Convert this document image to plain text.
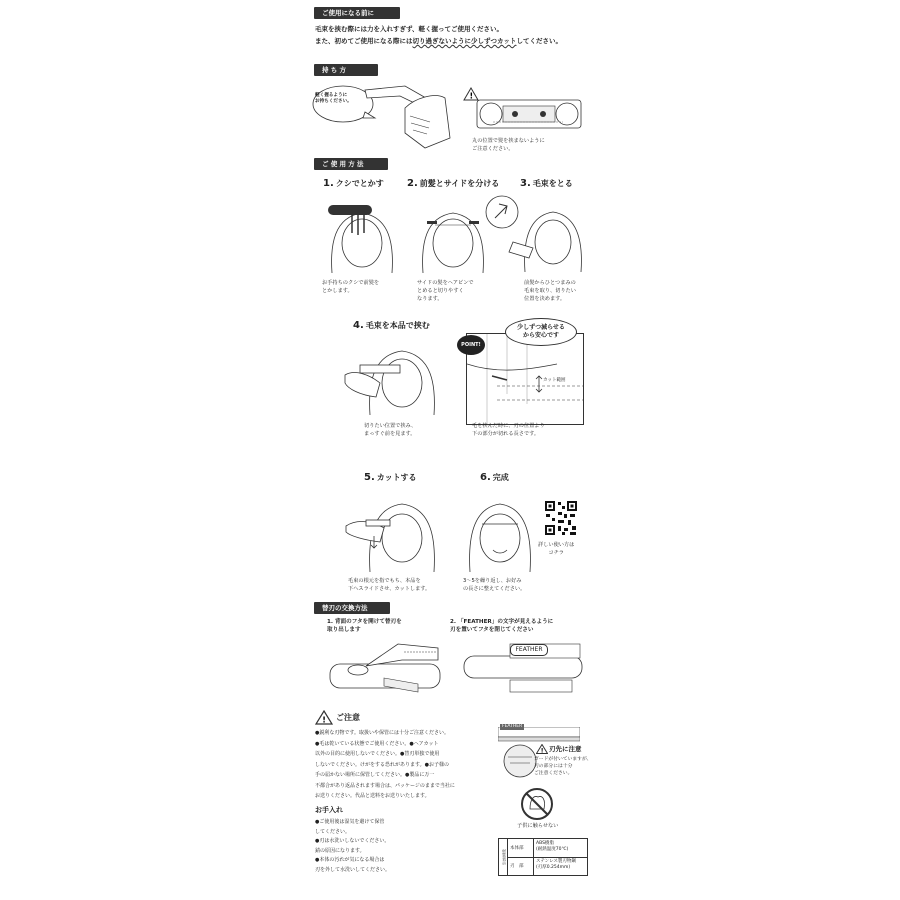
ご使用になる前に
毛束を挟む際には力を入れすぎず、軽く握ってご使用ください。
また、初めてご使用になる際には切り過ぎないように少しずつカットしてください。
持 ち 方
軽く握るように
お持ちください。
!
丸の位置で髪を挟まないように
ご注意ください。
ご 使 用 方 法
1. クシでとかす
お手持ちのクシで前髪を
とかします。
2. 前髪とサイドを分ける
サイドの髪をヘアピンで
とめると切りやすく
なります。
3. 毛束をとる
前髪からひとつまみの
毛束を取り、切りたい
位置を決めます。
4. 毛束を本品で挟む
切りたい位置で挟み、
まっすぐ前を見ます。
POINT!
少しずつ減らせる
から安心です
カット範囲
毛を挟んだ時に、刃の位置より
下の部分が切れる長さです。
5. カットする
毛束の根元を指でもち、本品を
下へスライドさせ、カットします。
6. 完成
3〜5を繰り返し、お好み
の長さに整えてください。
詳しい使い方は
コチラ
替刃の交換方法
1. 背面のフタを開けて替刃を
取り出します
2. 「FEATHER」の文字が見えるように
刃を置いてフタを閉じてください
FEATHER
! ご注意
●鋭利な刃物です。取扱いや保管には十分ご注意ください。
●毛は乾いている状態でご使用ください。●ヘアカット
以外の目的に使用しないでください。●替刃単独で使用
しないでください。けがをする恐れがあります。●お子様の
手の届かない場所に保管してください。●製品に万一
不都合があり返品されます場合は、パッケージのままで当社に
お送りください。代品と送料をお送りいたします。
FEATHER
! 刃先に注意
ガードが付いていますが、
刃の部分には十分
ご注意ください。
子供に触らせない
お手入れ
●ご使用後は湿気を避けて保管
してください。
●刃は水洗いしないでください。
錆の原因になります。
●本体の汚れが気になる場合は
刃を外して水洗いしてください。
材質表示
本体部
ABS樹脂
(耐熱温度70℃)
刃　部
ステンレス製刃物鋼
(刃厚0.254mm)
